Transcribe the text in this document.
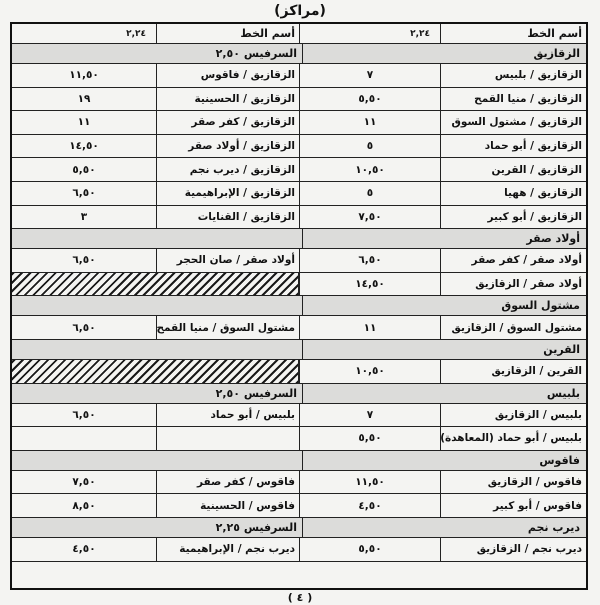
(مراكز)
أسم الخط
٢,٢٤
أسم الخط
٢,٢٤
الزقازيق
السرفيس ٢,٥٠
الزقازيق / بلبيس
٧
الزقازيق / فاقوس
١١,٥٠
الزقازيق / منيا القمح
٥,٥٠
الزقازيق / الحسينية
١٩
الزقازيق / مشتول السوق
١١
الزقازيق / كفر صقر
١١
الزقازيق / أبو حماد
٥
الزقازيق / أولاد صقر
١٤,٥٠
الزقازيق / القرين
١٠,٥٠
الزقازيق / ديرب نجم
٥,٥٠
الزقازيق / ههيا
٥
الزقازيق / الإبراهيمية
٦,٥٠
الزقازيق / أبو كبير
٧,٥٠
الزقازيق / القنايات
٣
أولاد صقر
أولاد صقر / كفر صقر
٦,٥٠
أولاد صقر / صان الحجر
٦,٥٠
أولاد صقر / الزقازيق
١٤,٥٠
مشتول السوق
مشتول السوق / الزقازيق
١١
مشتول السوق / منيا القمح
٦,٥٠
القرين
القرين / الزقازيق
١٠,٥٠
بلبيس
السرفيس ٢,٥٠
بلبيس / الزقازيق
٧
بلبيس / أبو حماد
٦,٥٠
بلبيس / أبو حماد (المعاهدة)
٥,٥٠
فاقوس
فاقوس / الزقازيق
١١,٥٠
فاقوس / كفر صقر
٧,٥٠
فاقوس / أبو كبير
٤,٥٠
فاقوس / الحسينية
٨,٥٠
ديرب نجم
السرفيس ٢,٢٥
ديرب نجم / الزقازيق
٥,٥٠
ديرب نجم / الإبراهيمية
٤,٥٠
( ٤ )
